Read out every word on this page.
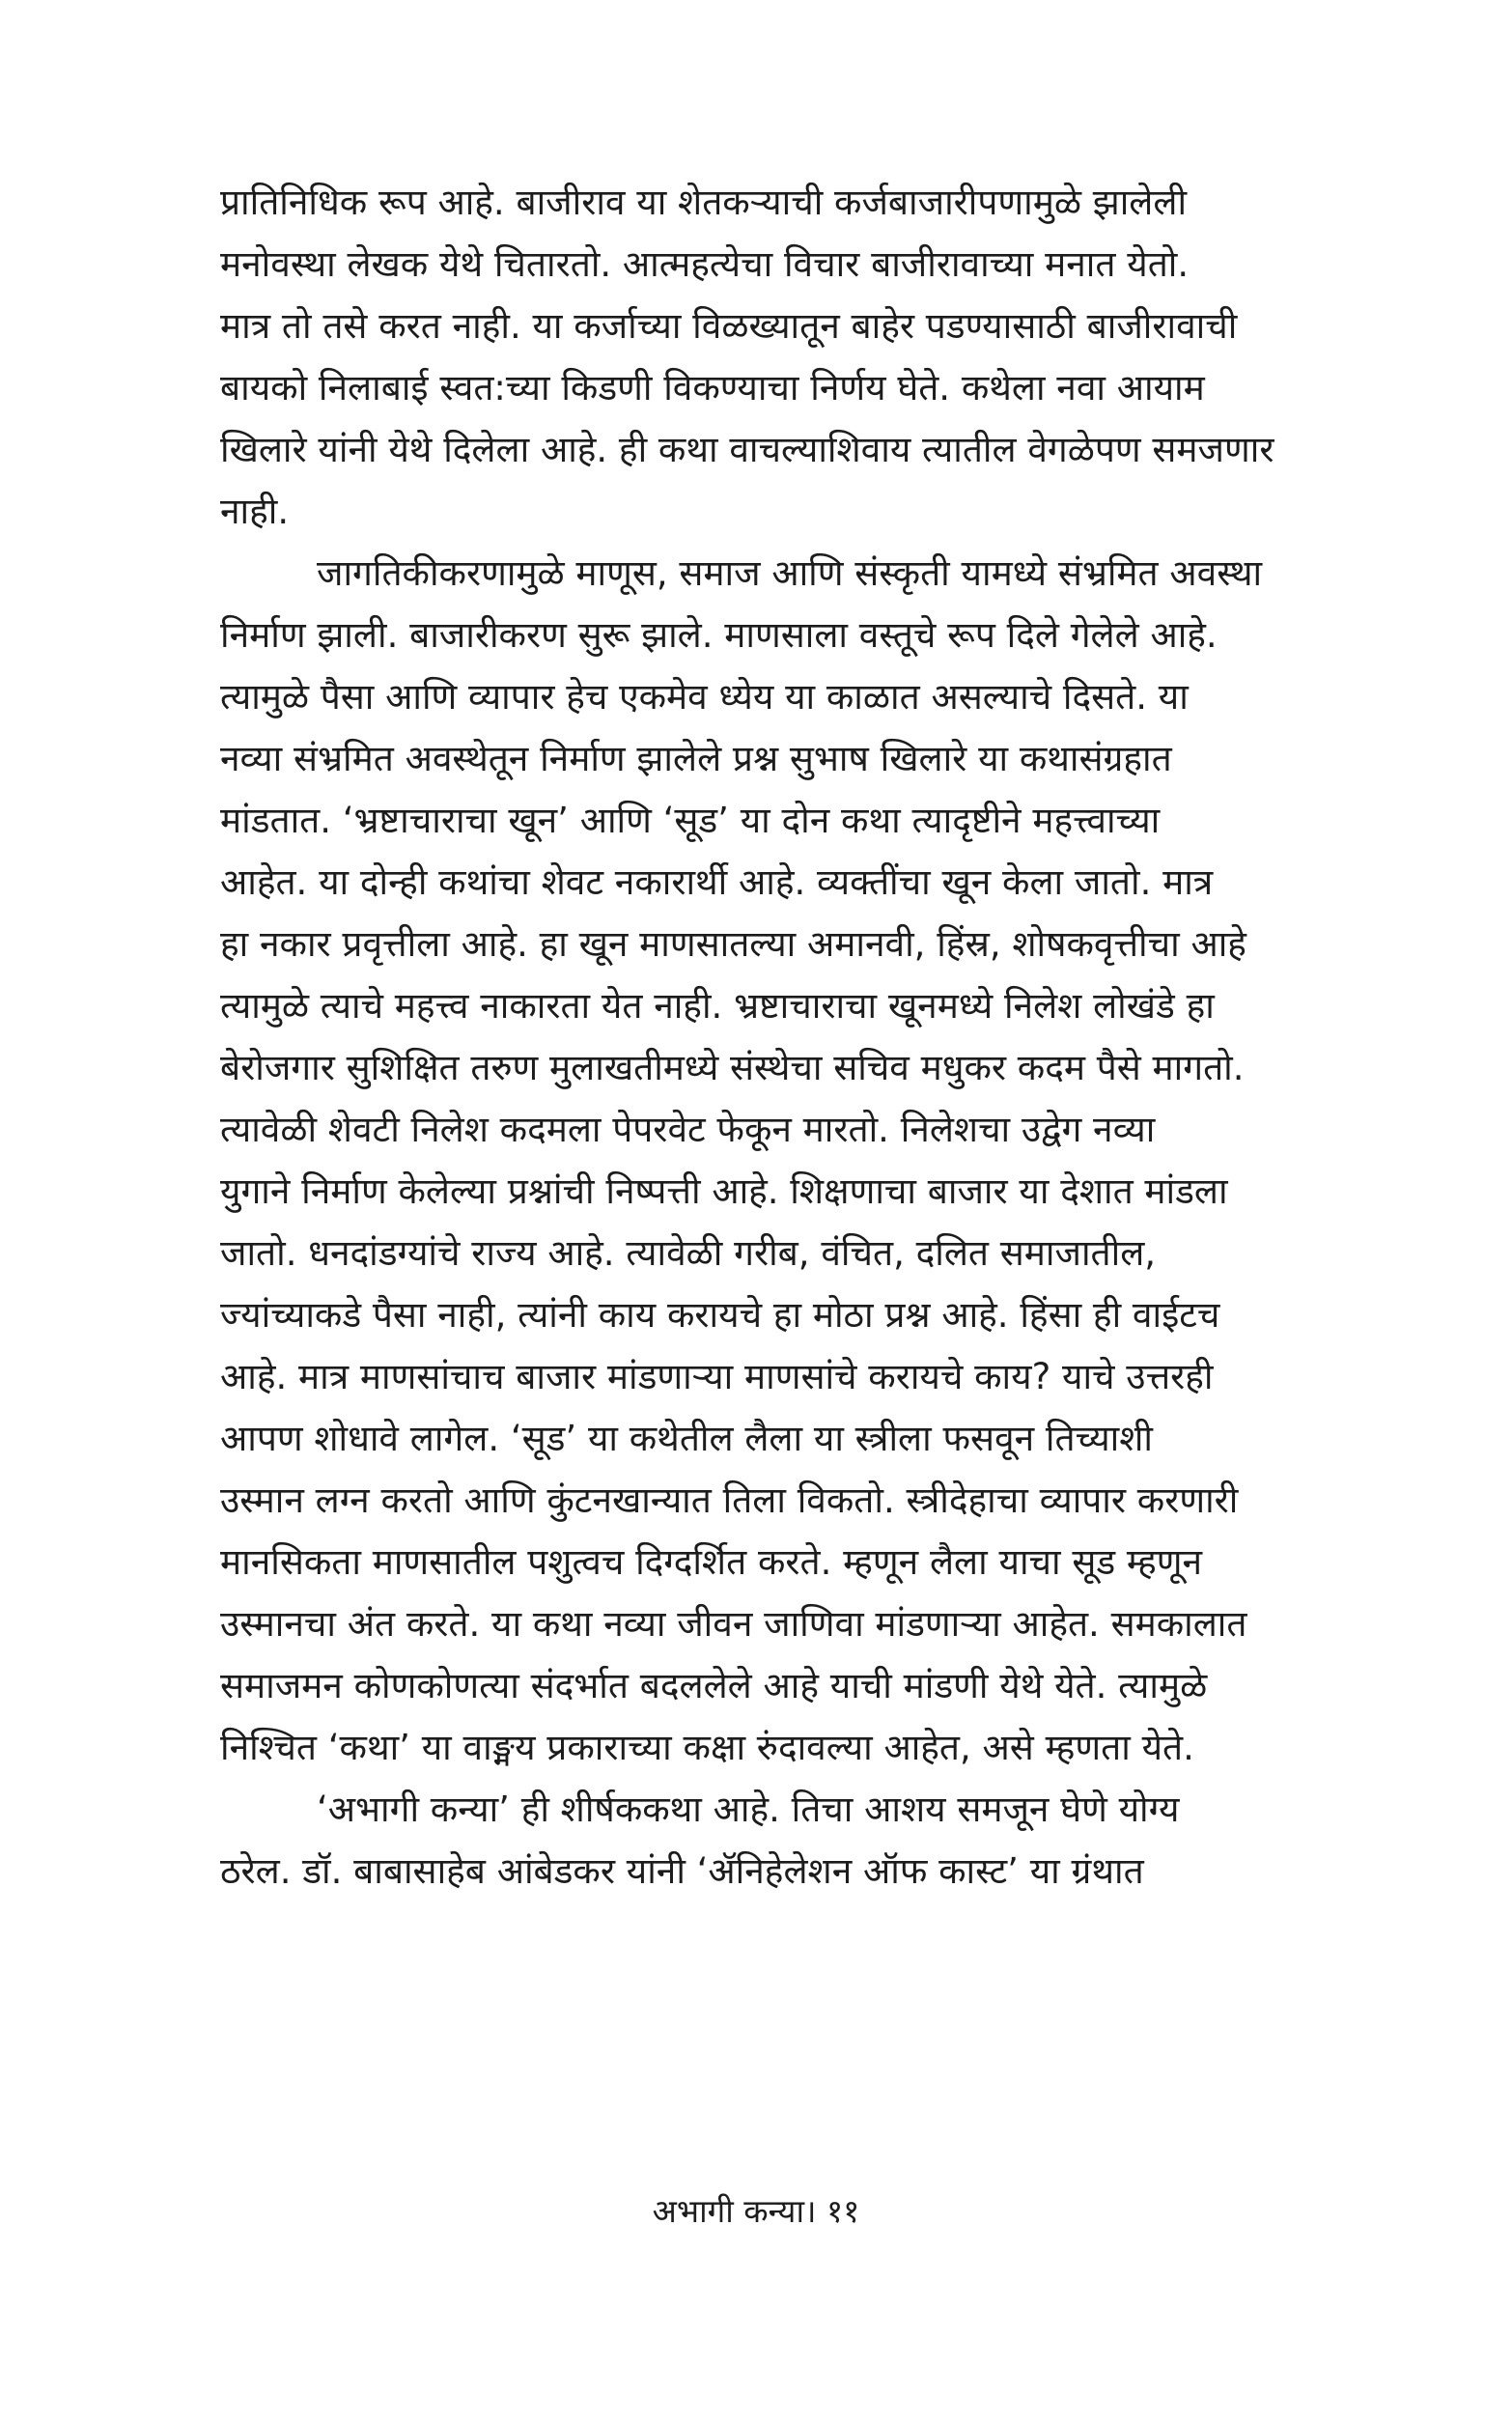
प्रातिनिधिक रूप आहे. बाजीराव या शेतकऱ्याची कर्जबाजारीपणामुळे झालेली
मनोवस्था लेखक येथे चितारतो. आत्महत्येचा विचार बाजीरावाच्या मनात येतो.
मात्र तो तसे करत नाही. या कर्जाच्या विळख्यातून बाहेर पडण्यासाठी बाजीरावाची
बायको निलाबाई स्वत:च्या किडणी विकण्याचा निर्णय घेते. कथेला नवा आयाम
खिलारे यांनी येथे दिलेला आहे. ही कथा वाचल्याशिवाय त्यातील वेगळेपण समजणार
नाही.
जागतिकीकरणामुळे माणूस, समाज आणि संस्कृती यामध्ये संभ्रमित अवस्था
निर्माण झाली. बाजारीकरण सुरू झाले. माणसाला वस्तूचे रूप दिले गेलेले आहे.
त्यामुळे पैसा आणि व्यापार हेच एकमेव ध्येय या काळात असल्याचे दिसते. या
नव्या संभ्रमित अवस्थेतून निर्माण झालेले प्रश्न सुभाष खिलारे या कथासंग्रहात
मांडतात. ‘भ्रष्टाचाराचा खून’ आणि ‘सूड’ या दोन कथा त्यादृष्टीने महत्त्वाच्या
आहेत. या दोन्ही कथांचा शेवट नकारार्थी आहे. व्यक्तींचा खून केला जातो. मात्र
हा नकार प्रवृत्तीला आहे. हा खून माणसातल्या अमानवी, हिंस्र, शोषकवृत्तीचा आहे
त्यामुळे त्याचे महत्त्व नाकारता येत नाही. भ्रष्टाचाराचा खूनमध्ये निलेश लोखंडे हा
बेरोजगार सुशिक्षित तरुण मुलाखतीमध्ये संस्थेचा सचिव मधुकर कदम पैसे मागतो.
त्यावेळी शेवटी निलेश कदमला पेपरवेट फेकून मारतो. निलेशचा उद्वेग नव्या
युगाने निर्माण केलेल्या प्रश्नांची निष्पत्ती आहे. शिक्षणाचा बाजार या देशात मांडला
जातो. धनदांडग्यांचे राज्य आहे. त्यावेळी गरीब, वंचित, दलित समाजातील,
ज्यांच्याकडे पैसा नाही, त्यांनी काय करायचे हा मोठा प्रश्न आहे. हिंसा ही वाईटच
आहे. मात्र माणसांचाच बाजार मांडणाऱ्या माणसांचे करायचे काय? याचे उत्तरही
आपण शोधावे लागेल. ‘सूड’ या कथेतील लैला या स्त्रीला फसवून तिच्याशी
उस्मान लग्न करतो आणि कुंटनखान्यात तिला विकतो. स्त्रीदेहाचा व्यापार करणारी
मानसिकता माणसातील पशुत्वच दिग्दर्शित करते. म्हणून लैला याचा सूड म्हणून
उस्मानचा अंत करते. या कथा नव्या जीवन जाणिवा मांडणाऱ्या आहेत. समकालात
समाजमन कोणकोणत्या संदर्भात बदललेले आहे याची मांडणी येथे येते. त्यामुळे
निश्चित ‘कथा’ या वाङ्मय प्रकाराच्या कक्षा रुंदावल्या आहेत, असे म्हणता येते.
‘अभागी कन्या’ ही शीर्षककथा आहे. तिचा आशय समजून घेणे योग्य
ठरेल. डॉ. बाबासाहेब आंबेडकर यांनी ‘ॲनिहेलेशन ऑफ कास्ट’ या ग्रंथात
अभागी कन्या। ११
